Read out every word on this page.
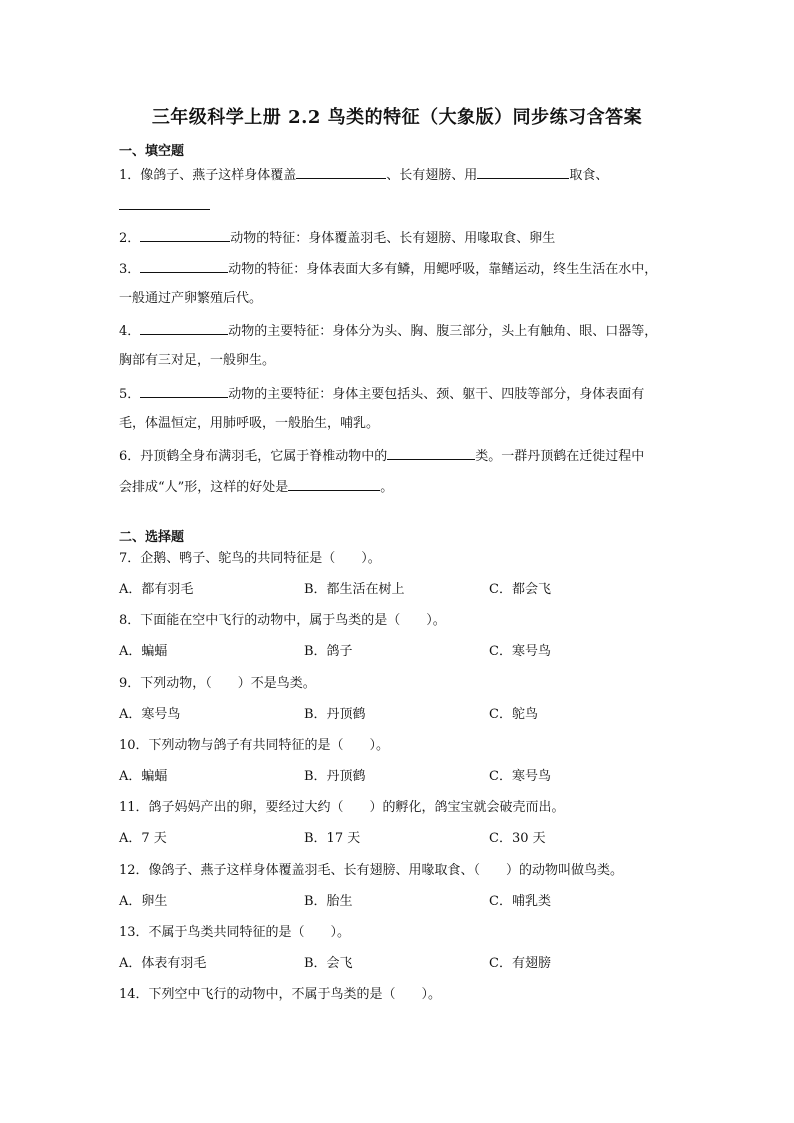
三年级科学上册 2.2 鸟类的特征（大象版）同步练习含答案
一、填空题
1．像鸽子、燕子这样身体覆盖	、长有翅膀、用	取食、
2．	动物的特征：身体覆盖羽毛、长有翅膀、用喙取食、卵生
3．	动物的特征：身体表面大多有鳞，用鳃呼吸，靠鳍运动，终生生活在水中，
一般通过产卵繁殖后代。
4．	动物的主要特征：身体分为头、胸、腹三部分，头上有触角、眼、口器等，
胸部有三对足，一般卵生。
5．	动物的主要特征：身体主要包括头、颈、躯干、四肢等部分，身体表面有
毛，体温恒定，用肺呼吸，一般胎生，哺乳。
6．丹顶鹤全身布满羽毛，它属于脊椎动物中的	类。一群丹顶鹤在迁徙过程中
会排成“人”形，这样的好处是	。
二、选择题
7．企鹅、鸭子、鸵鸟的共同特征是（　　）。
A．都有羽毛	B．都生活在树上	C．都会飞
8．下面能在空中飞行的动物中，属于鸟类的是（　　）。
A．蝙蝠	B．鸽子	C．寒号鸟
9．下列动物，（　　）不是鸟类。
A．寒号鸟	B．丹顶鹤	C．鸵鸟
10．下列动物与鸽子有共同特征的是（　　）。
A．蝙蝠	B．丹顶鹤	C．寒号鸟
11．鸽子妈妈产出的卵，要经过大约（　　）的孵化，鸽宝宝就会破壳而出。
A．7 天	B．17 天	C．30 天
12．像鸽子、燕子这样身体覆盖羽毛、长有翅膀、用喙取食、（　　）的动物叫做鸟类。
A．卵生	B．胎生	C．哺乳类
13．不属于鸟类共同特征的是（　　）。
A．体表有羽毛	B．会飞	C．有翅膀
14．下列空中飞行的动物中，不属于鸟类的是（　　）。
